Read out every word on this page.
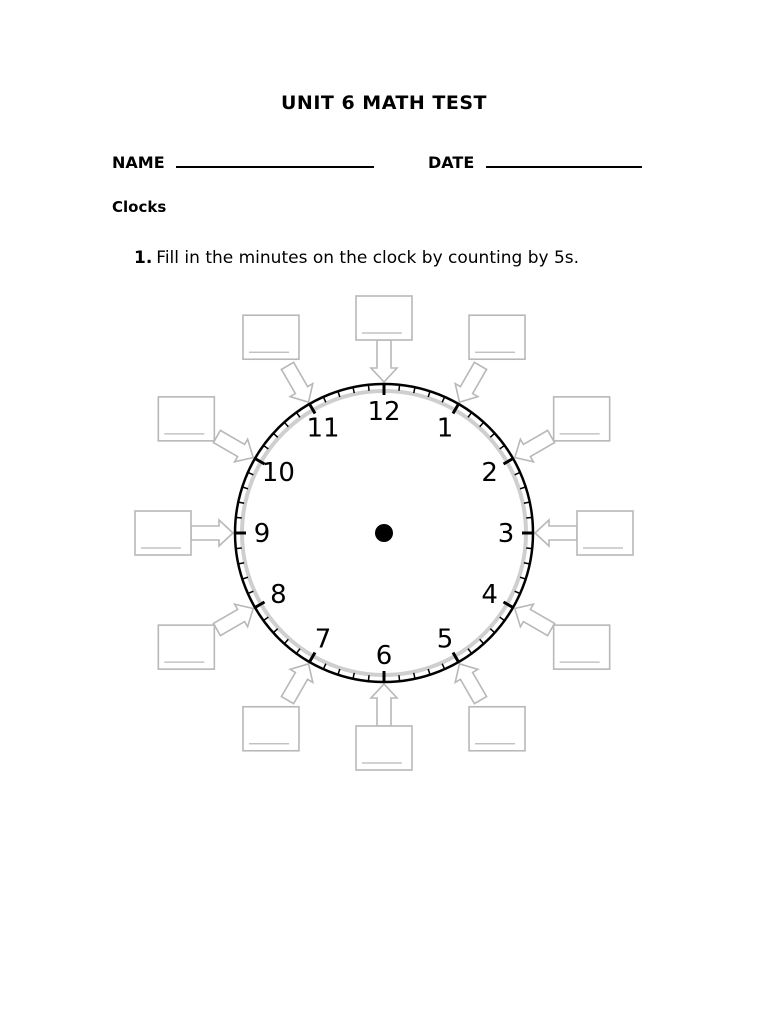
UNIT 6 MATH TEST
NAME	DATE
Clocks
1. Fill in the minutes on the clock by counting by 5s.
12
1
2
3
4
5
6
7
8
9
10
11
